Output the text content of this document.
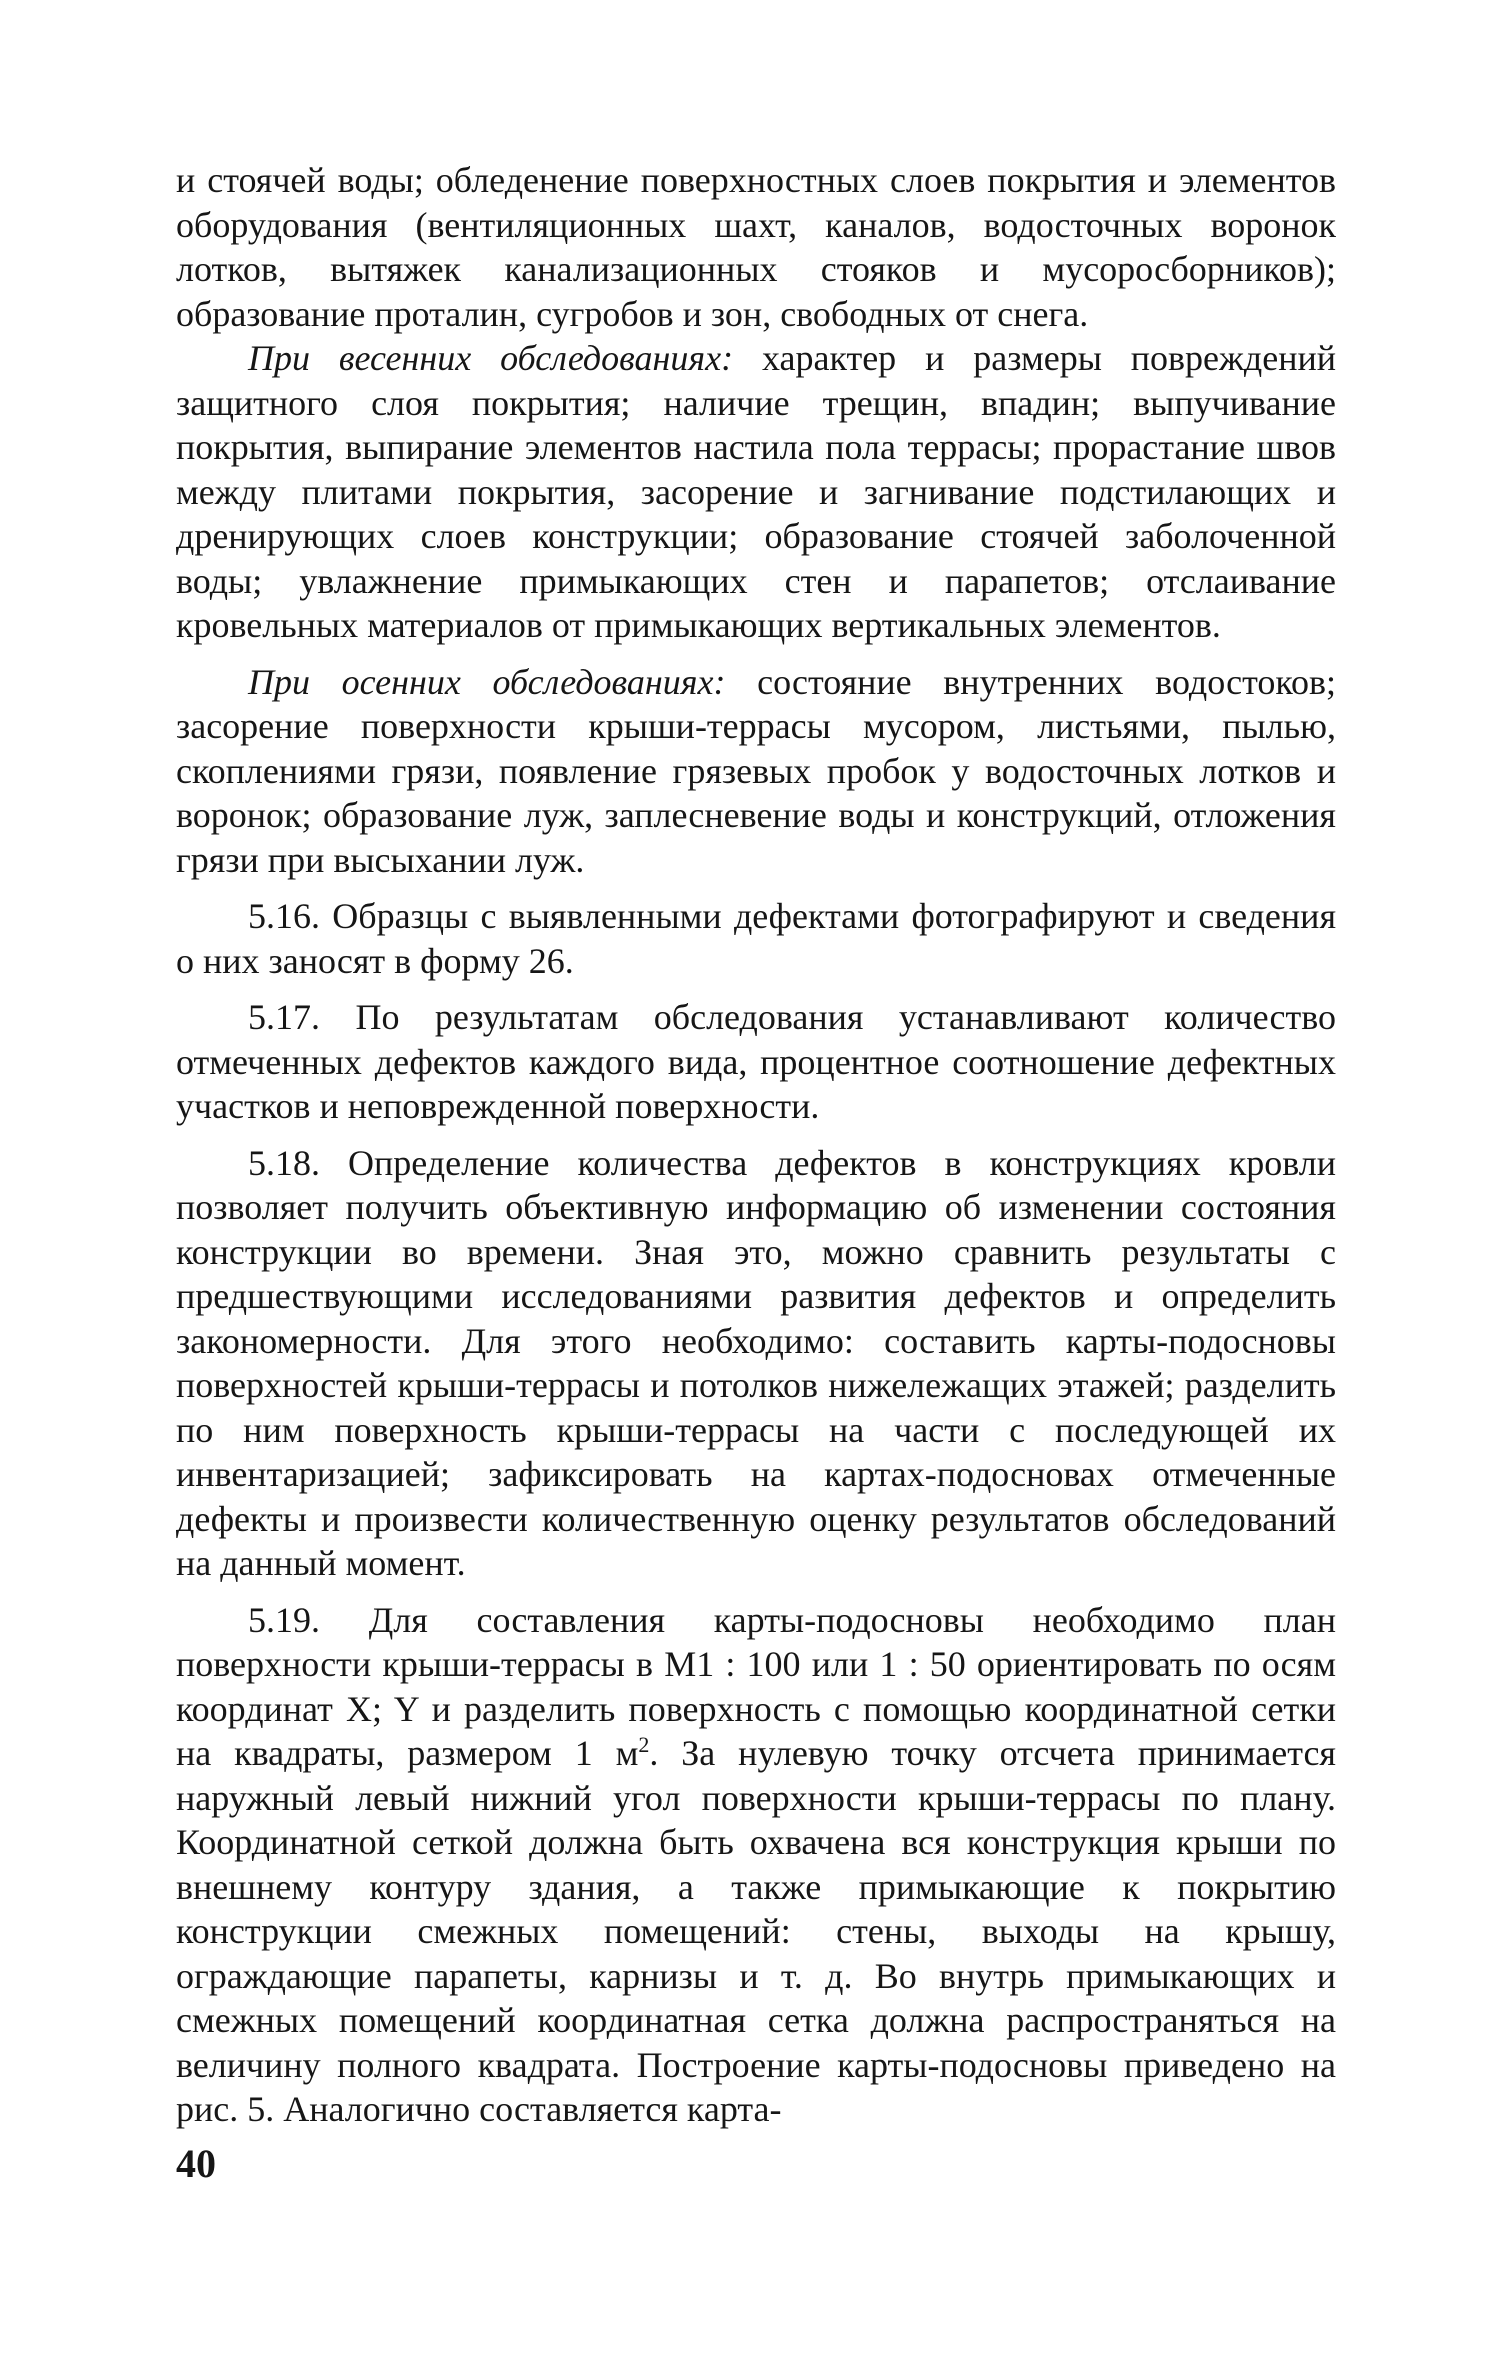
и стоячей воды; обледенение поверхностных слоев покрытия и элементов оборудования (вентиляционных шахт, каналов, водосточных воронок лотков, вытяжек канализационных стояков и мусоросборников); образование проталин, сугробов и зон, свободных от снега.

При весенних обследованиях: характер и размеры повреждений защитного слоя покрытия; наличие трещин, впадин; выпучивание покрытия, выпирание элементов настила пола террасы; прорастание швов между плитами покрытия, засорение и загнивание подстилающих и дренирующих слоев конструкции; образование стоячей заболоченной воды; увлажнение примыкающих стен и парапетов; отслаивание кровельных материалов от примыкающих вертикальных элементов.

При осенних обследованиях: состояние внутренних водостоков; засорение поверхности крыши-террасы мусором, листьями, пылью, скоплениями грязи, появление грязевых пробок у водосточных лотков и воронок; образование луж, заплесневение воды и конструкций, отложения грязи при высыхании луж.

5.16. Образцы с выявленными дефектами фотографируют и сведения о них заносят в форму 26.

5.17. По результатам обследования устанавливают количество отмеченных дефектов каждого вида, процентное соотношение дефектных участков и неповрежденной поверхности.

5.18. Определение количества дефектов в конструкциях кровли позволяет получить объективную информацию об изменении состояния конструкции во времени. Зная это, можно сравнить результаты с предшествующими исследованиями развития дефектов и определить закономерности. Для этого необходимо: составить карты-подосновы поверхностей крыши-террасы и потолков нижележащих этажей; разделить по ним поверхность крыши-террасы на части с последующей их инвентаризацией; зафиксировать на картах-подосновах отмеченные дефекты и произвести количественную оценку результатов обследований на данный момент.

5.19. Для составления карты-подосновы необходимо план поверхности крыши-террасы в M1 : 100 или 1 : 50 ориентировать по осям координат X; Y и разделить поверхность с помощью координатной сетки на квадраты, размером 1 $м^2$. За нулевую точку отсчета принимается наружный левый нижний угол поверхности крыши-террасы по плану. Координатной сеткой должна быть охвачена вся конструкция крыши по внешнему контуру здания, а также примыкающие к покрытию конструкции смежных помещений: стены, выходы на крышу, ограждающие парапеты, карнизы и т. д. Во внутрь примыкающих и смежных помещений координатная сетка должна распространяться на величину полного квадрата. Построение карты-подосновы приведено на рис. 5. Аналогично составляется карта-

40
